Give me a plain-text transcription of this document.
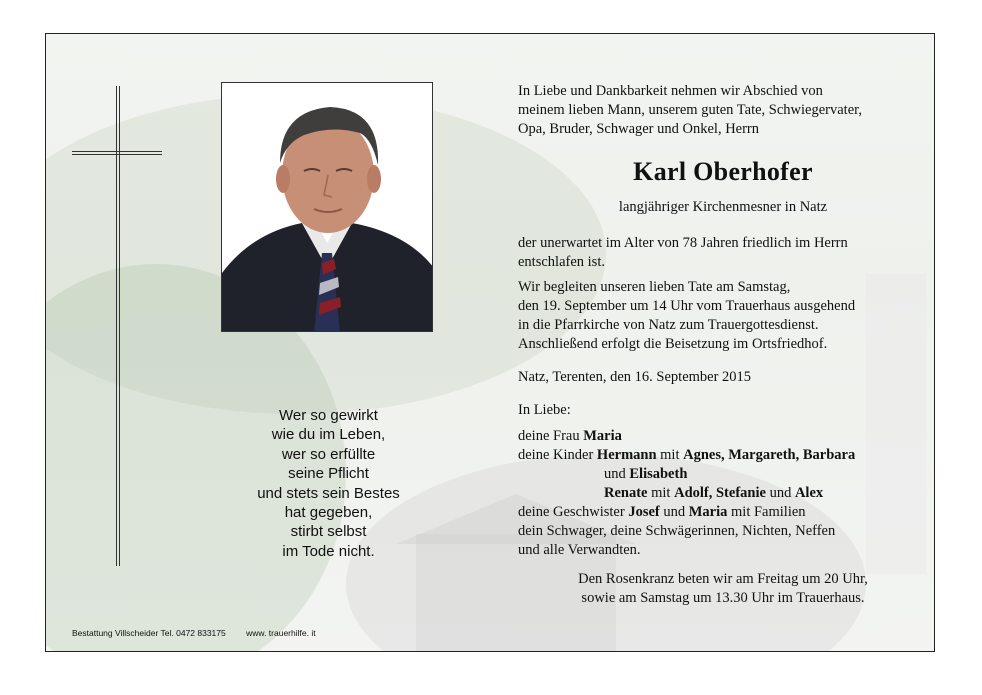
Wer so gewirkt
wie du im Leben,
wer so erfüllte
seine Pflicht
und stets sein Bestes
hat gegeben,
stirbt selbst
im Tode nicht.

In Liebe und Dankbarkeit nehmen wir Abschied von

meinem lieben Mann, unserem guten Tate, Schwiegervater,

Opa, Bruder, Schwager und Onkel, Herrn

Karl Oberhofer

langjähriger Kirchenmesner in Natz

der unerwartet im Alter von 78 Jahren friedlich im Herrn

entschlafen ist.

Wir begleiten unseren lieben Tate am Samstag,

den 19. September um 14 Uhr vom Trauerhaus ausgehend

in die Pfarrkirche von Natz zum Trauergottesdienst.

Anschließend erfolgt die Beisetzung im Ortsfriedhof.

Natz, Terenten, den 16. September 2015

In Liebe:

deine Frau Maria

deine Kinder Hermann mit Agnes, Margareth, Barbara

und Elisabeth

Renate mit Adolf, Stefanie und Alex

deine Geschwister Josef und Maria mit Familien

dein Schwager, deine Schwägerinnen, Nichten, Neffen

und alle Verwandten.

Den Rosenkranz beten wir am Freitag um 20 Uhr,

sowie am Samstag um 13.30 Uhr im Trauerhaus.

Bestattung Villscheider Tel. 0472 833175 www. trauerhilfe. it
